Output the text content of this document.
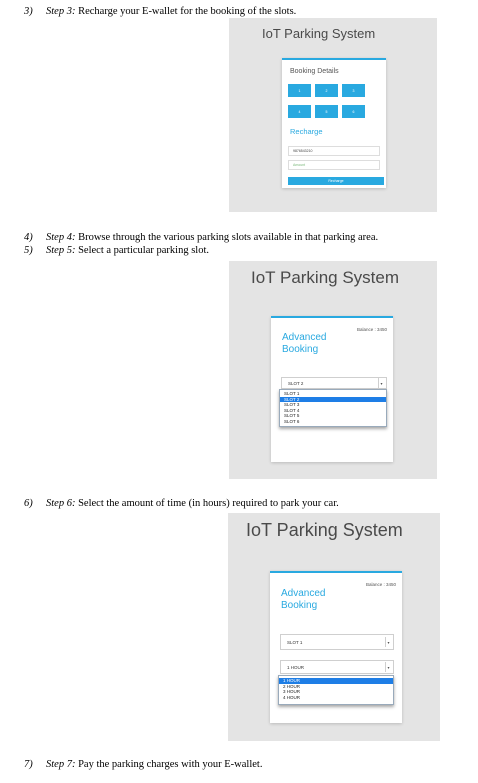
3) Step 3: Recharge your E-wallet for the booking of the slots.
IoT Parking System
Booking Details
1	2	3
4	5	6
Recharge
9876543210
Amount
Recharge
4) Step 4: Browse through the various parking slots available in that parking area.
5) Step 5: Select a particular parking slot.
IoT Parking System
Balance : 3450
Advanced
Booking
SLOT 2	▾
SLOT 1
SLOT 2
SLOT 3
SLOT 4
SLOT 5
SLOT 6
6) Step 6: Select the amount of time (in hours) required to park your car.
IoT Parking System
Balance : 3450
Advanced
Booking
SLOT 1	▾
1 HOUR	▾
1 HOUR
2 HOUR
3 HOUR
4 HOUR
7) Step 7: Pay the parking charges with your E-wallet.
